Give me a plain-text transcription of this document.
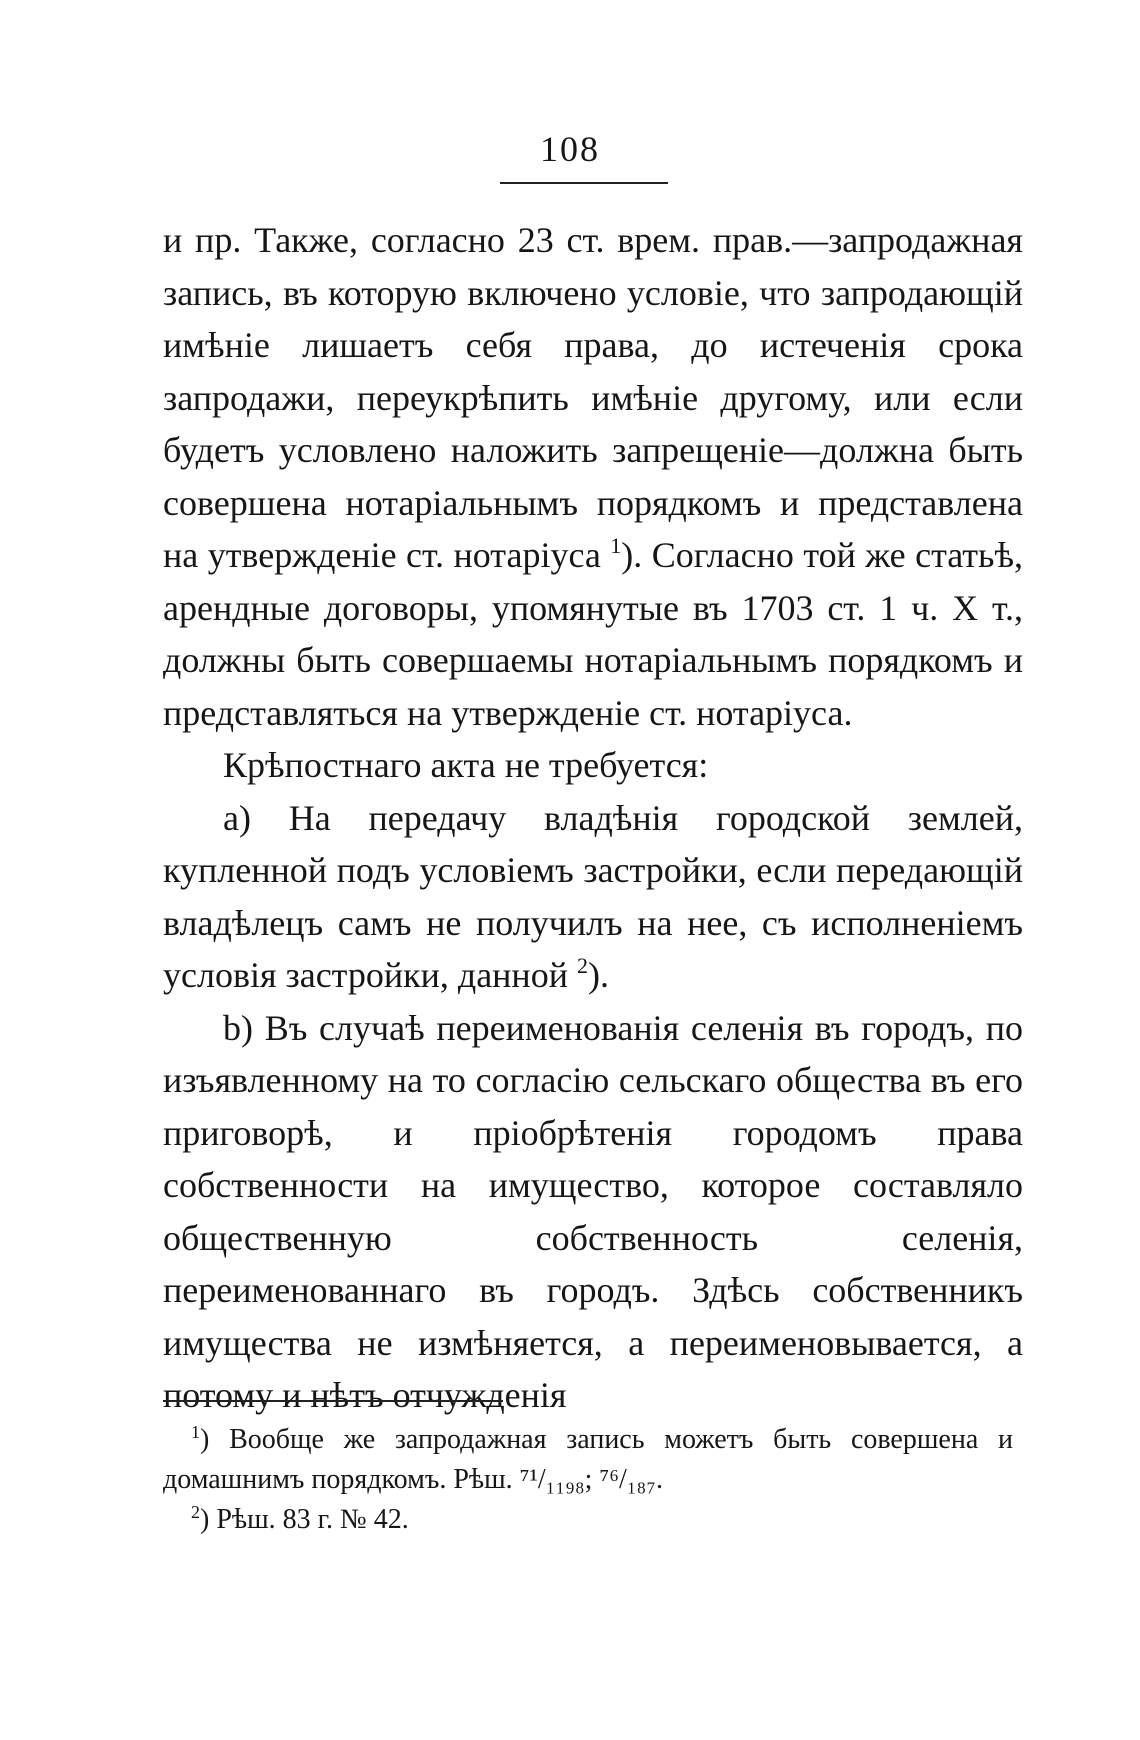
108

и пр. Также, согласно 23 ст. врем. прав.—запродажная запись, въ которую включено условіе, что запродающій имѣніе лишаетъ себя права, до истеченія срока запродажи, переукрѣпить имѣніе другому, или если будетъ условлено наложить запрещеніе—должна быть совершена нотаріальнымъ порядкомъ и представлена на утвержденіе ст. нотаріуса $^1$). Согласно той же статьѣ, арендные договоры, упомянутые въ 1703 ст. 1 ч. X т., должны быть совершаемы нотаріальнымъ порядкомъ и представляться на утвержденіе ст. нотаріуса.

Крѣпостнаго акта не требуется:

а) На передачу владѣнія городской землей, купленной подъ условіемъ застройки, если передающій владѣлецъ самъ не получилъ на нее, съ исполненіемъ условія застройки, данной $^2$).

b) Въ случаѣ переименованія селенія въ городъ, по изъявленному на то согласію сельскаго общества въ его приговорѣ, и пріобрѣтенія городомъ права собственности на имущество, которое составляло общественную собственность селенія, переименованнаго въ городъ. Здѣсь собственникъ имущества не измѣняется, а переименовывается, а потому и нѣтъ отчужденія

$^1$) Вообще же запродажная запись можетъ быть совершена и домашнимъ порядкомъ. Рѣш. ⁷¹/₁₁₉₈; ⁷⁶/₁₈₇.

$^2$) Рѣш. 83 г. № 42.
